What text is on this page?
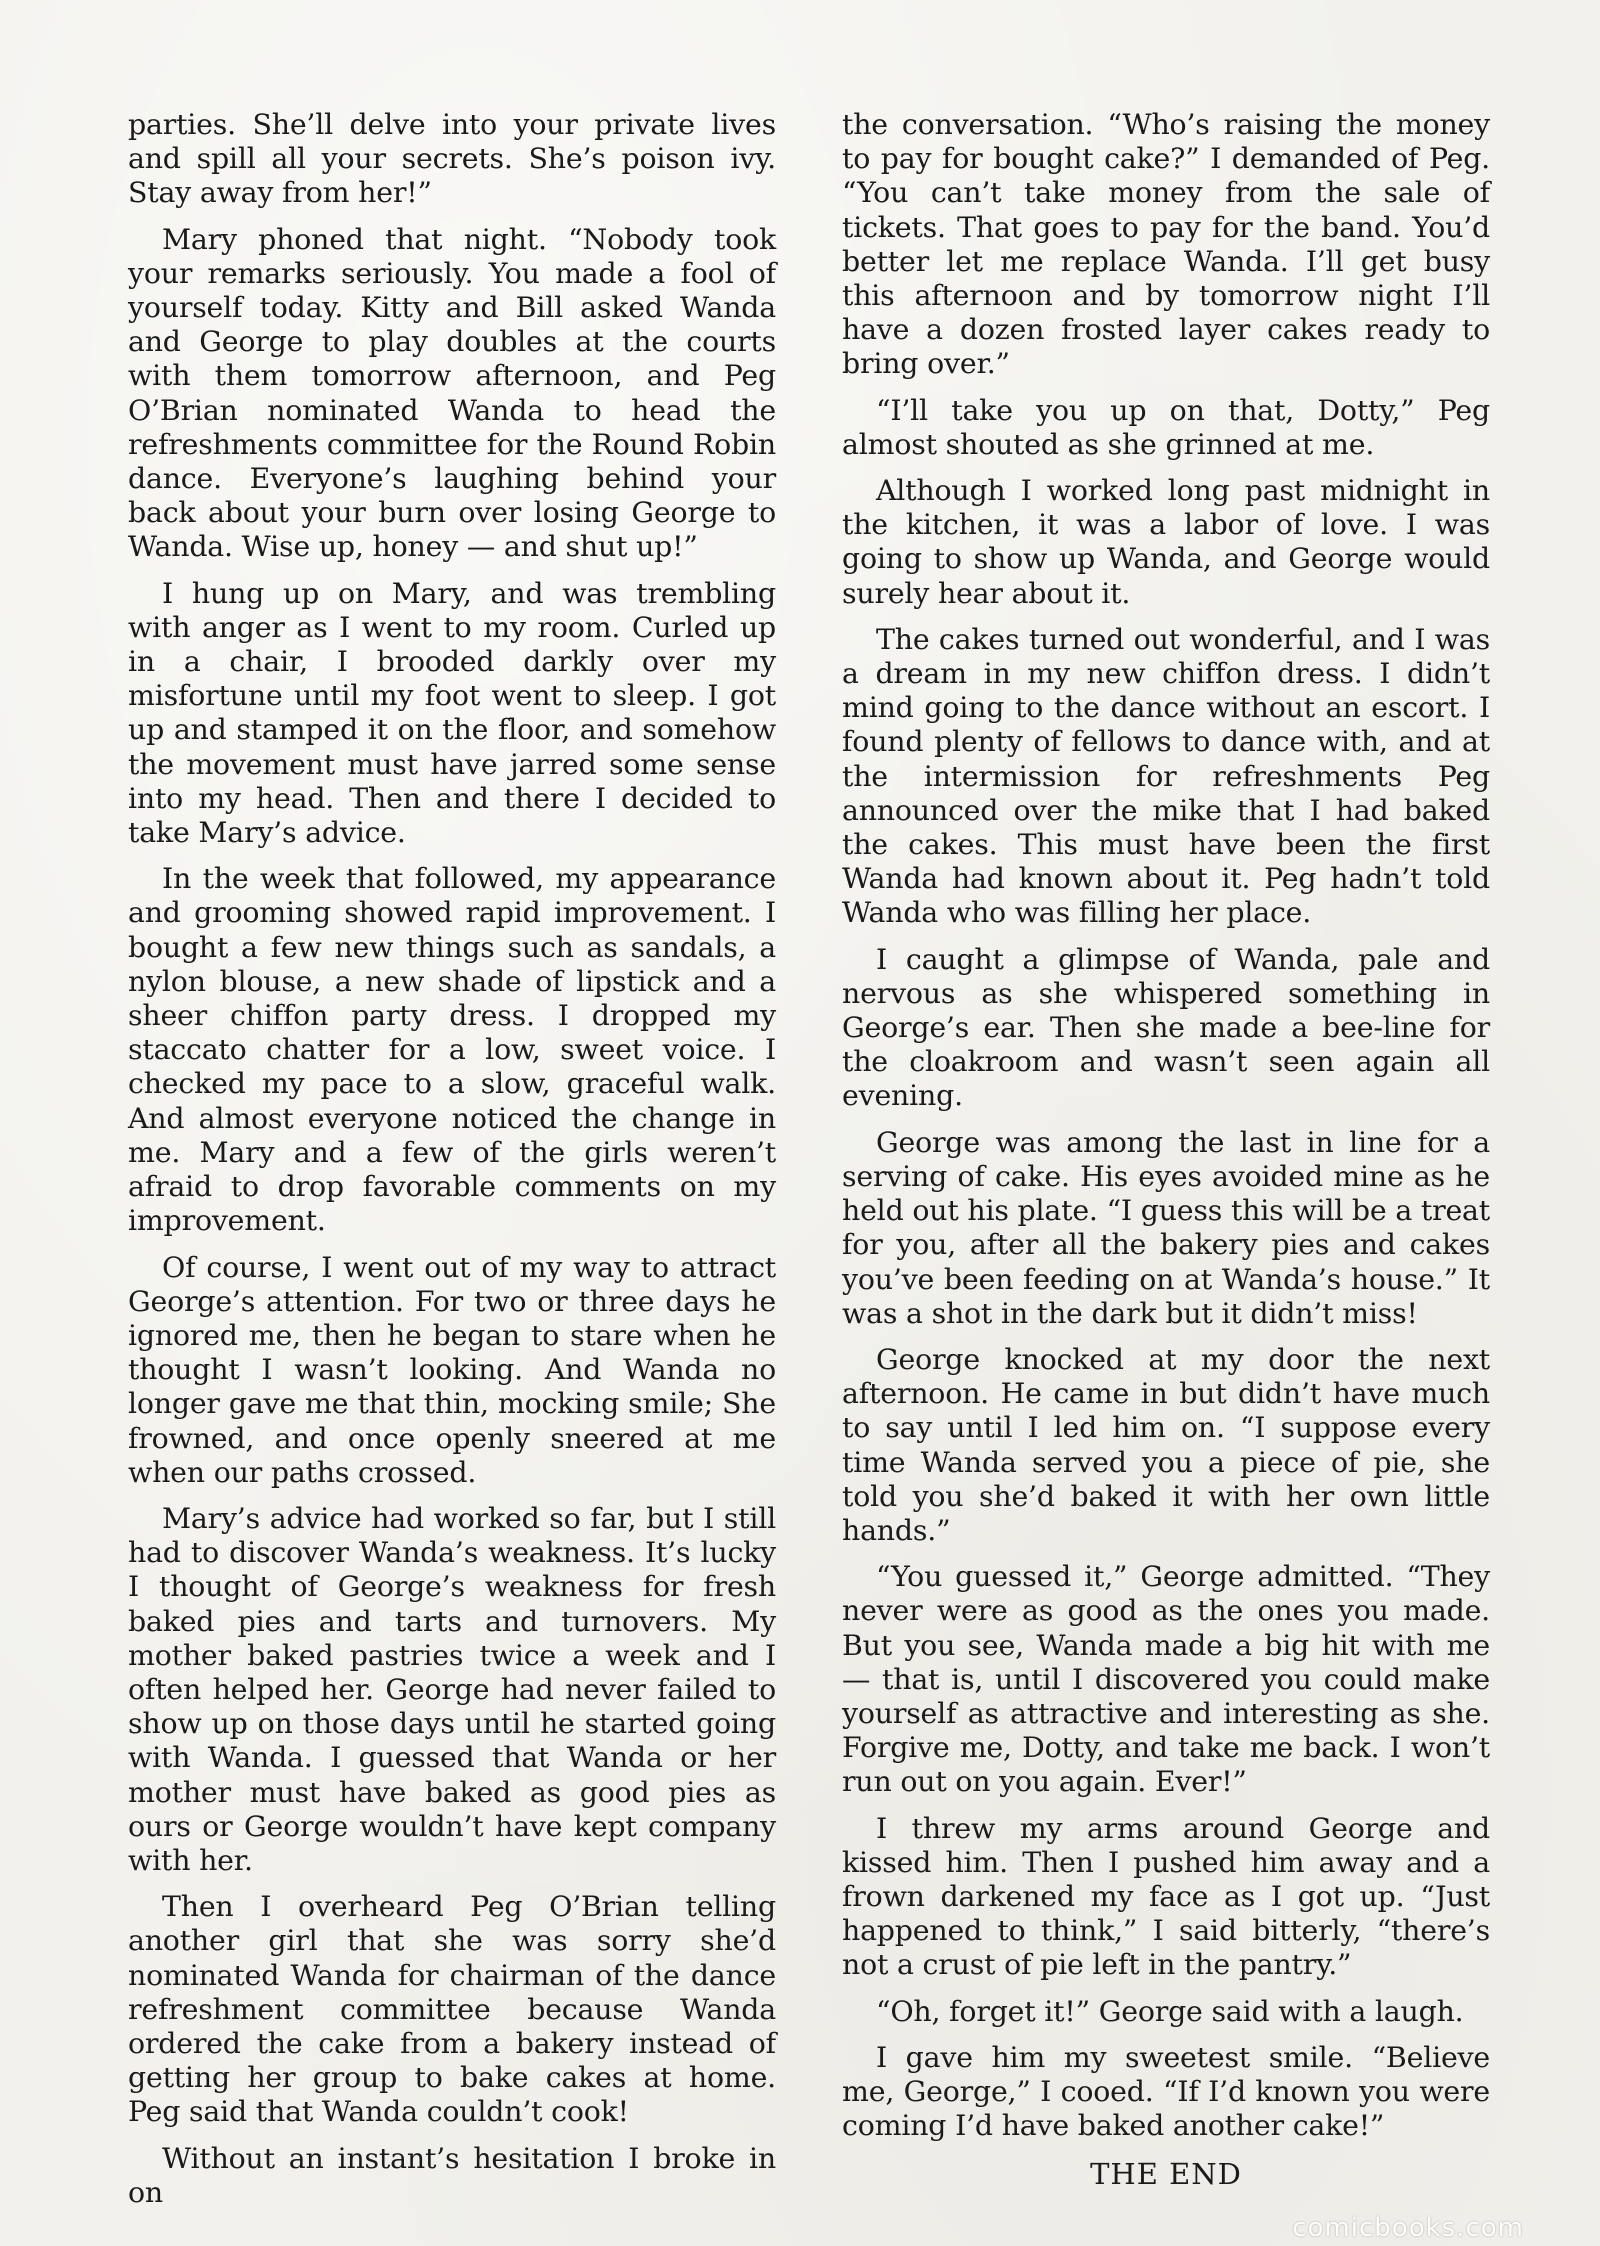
parties. She’ll delve into your private lives and spill all your secrets. She’s poison ivy. Stay away from her!”

Mary phoned that night. “Nobody took your remarks seriously. You made a fool of yourself today. Kitty and Bill asked Wanda and George to play doubles at the courts with them tomorrow afternoon, and Peg O’Brian nominated Wanda to head the refreshments committee for the Round Robin dance. Everyone’s laughing behind your back about your burn over losing George to Wanda. Wise up, honey — and shut up!”

I hung up on Mary, and was trembling with anger as I went to my room. Curled up in a chair, I brooded darkly over my misfortune until my foot went to sleep. I got up and stamped it on the floor, and somehow the movement must have jarred some sense into my head. Then and there I decided to take Mary’s advice.

In the week that followed, my appearance and grooming showed rapid improvement. I bought a few new things such as sandals, a nylon blouse, a new shade of lipstick and a sheer chiffon party dress. I dropped my staccato chatter for a low, sweet voice. I checked my pace to a slow, graceful walk. And almost everyone noticed the change in me. Mary and a few of the girls weren’t afraid to drop favorable comments on my improvement.

Of course, I went out of my way to attract George’s attention. For two or three days he ignored me, then he began to stare when he thought I wasn’t looking. And Wanda no longer gave me that thin, mocking smile; She frowned, and once openly sneered at me when our paths crossed.

Mary’s advice had worked so far, but I still had to discover Wanda’s weakness. It’s lucky I thought of George’s weakness for fresh baked pies and tarts and turnovers. My mother baked pastries twice a week and I often helped her. George had never failed to show up on those days until he started going with Wanda. I guessed that Wanda or her mother must have baked as good pies as ours or George wouldn’t have kept company with her.

Then I overheard Peg O’Brian telling another girl that she was sorry she’d nominated Wanda for chairman of the dance refreshment committee because Wanda ordered the cake from a bakery instead of getting her group to bake cakes at home. Peg said that Wanda couldn’t cook!

Without an instant’s hesitation I broke in on

the conversation. “Who’s raising the money to pay for bought cake?” I demanded of Peg. “You can’t take money from the sale of tickets. That goes to pay for the band. You’d better let me replace Wanda. I’ll get busy this afternoon and by tomorrow night I’ll have a dozen frosted layer cakes ready to bring over.”

“I’ll take you up on that, Dotty,” Peg almost shouted as she grinned at me.

Although I worked long past midnight in the kitchen, it was a labor of love. I was going to show up Wanda, and George would surely hear about it.

The cakes turned out wonderful, and I was a dream in my new chiffon dress. I didn’t mind going to the dance without an escort. I found plenty of fellows to dance with, and at the intermission for refreshments Peg announced over the mike that I had baked the cakes. This must have been the first Wanda had known about it. Peg hadn’t told Wanda who was filling her place.

I caught a glimpse of Wanda, pale and nervous as she whispered something in George’s ear. Then she made a bee-line for the cloakroom and wasn’t seen again all evening.

George was among the last in line for a serving of cake. His eyes avoided mine as he held out his plate. “I guess this will be a treat for you, after all the bakery pies and cakes you’ve been feeding on at Wanda’s house.” It was a shot in the dark but it didn’t miss!

George knocked at my door the next afternoon. He came in but didn’t have much to say until I led him on. “I suppose every time Wanda served you a piece of pie, she told you she’d baked it with her own little hands.”

“You guessed it,” George admitted. “They never were as good as the ones you made. But you see, Wanda made a big hit with me — that is, until I discovered you could make yourself as attractive and interesting as she. Forgive me, Dotty, and take me back. I won’t run out on you again. Ever!”

I threw my arms around George and kissed him. Then I pushed him away and a frown darkened my face as I got up. “Just happened to think,” I said bitterly, “there’s not a crust of pie left in the pantry.”

“Oh, forget it!” George said with a laugh.

I gave him my sweetest smile. “Believe me, George,” I cooed. “If I’d known you were coming I’d have baked another cake!”

THE END
comicbooks.com
